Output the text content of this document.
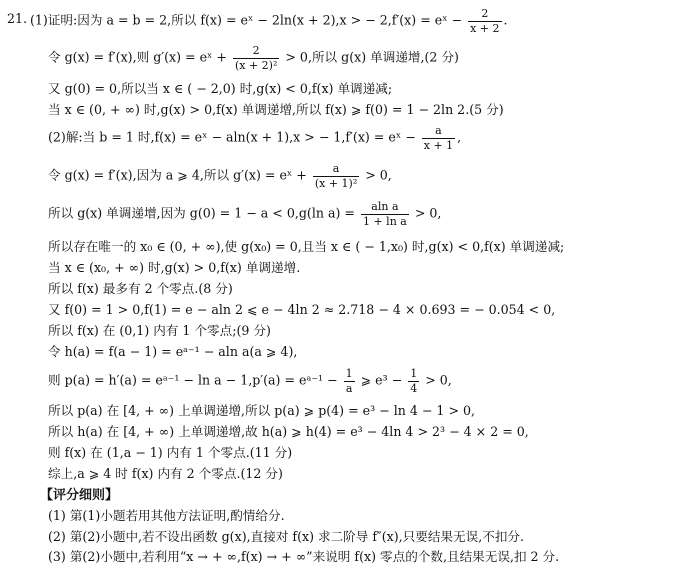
21. (1)证明:因为 a = b = 2,所以 f(x) = eˣ − 2ln(x + 2),x > − 2,f′(x) = eˣ − $\frac{2}{x + 2}$ .
令 g(x) = f′(x),则 g′(x) = eˣ + $\frac{2}{\text{(x + 2)²}} > 0$,所以 g(x) 单调递增,(2 分)
又 g(0) = 0,所以当 x ∈ ( − 2,0) 时,g(x) < 0,f(x) 单调递减;
当 x ∈ (0, + ∞) 时,g(x) > 0,f(x) 单调递增,所以 f(x) ⩾ f(0) = 1 − 2ln 2.(5 分)
(2)解:当 b = 1 时,f(x) = eˣ − aln(x + 1),x > − 1,f′(x) = eˣ − $\frac{a}{x + 1}$ ,
令 g(x) = f′(x),因为 a ⩾ 4,所以 g′(x) = eˣ + $\frac{a}{\text{(x + 1)²}} > 0$,
所以 g(x) 单调递增,因为 g(0) = 1 − a < 0,g(ln $a) = \frac{\text{aln a}}{\text{1 + ln a}} > 0$,
所以存在唯一的 x₀ ∈ (0, + ∞),使 g(x₀) = 0,且当 x ∈ ( − 1,x₀) 时,g(x) < 0,f(x) 单调递减;
当 x ∈ (x₀, + ∞) 时,g(x) > 0,f(x) 单调递增.
所以 f(x) 最多有 2 个零点.(8 分)
又 f(0) = 1 > 0,f(1) = e − aln 2 ⩽ e − 4ln 2 ≈ 2.718 − 4 × 0.693 = − 0.054 < 0,
所以 f(x) 在 (0,1) 内有 1 个零点;(9 分)
令 h(a) = f(a − 1) = eᵃ⁻¹ − aln a(a ⩾ 4),
则 p(a) = h′(a) = eᵃ⁻¹ − ln a − 1,p′(a) = eᵃ⁻¹ − $\frac{1}{a}$ ⩾ $e^3 - \frac{1}{4} > 0$,
所以 p(a) 在 [4, + ∞) 上单调递增,所以 p(a) ⩾ p(4) = e³ − ln 4 − 1 > 0,
所以 h(a) 在 [4, + ∞) 上单调递增,故 h(a) ⩾ h(4) = e³ − 4ln 4 > 2³ − 4 × 2 = 0,
则 f(x) 在 (1,a − 1) 内有 1 个零点.(11 分)
综上,a ⩾ 4 时 f(x) 内有 2 个零点.(12 分)
【评分细则】
(1) 第(1)小题若用其他方法证明,酌情给分.
(2) 第(2)小题中,若不设出函数 g(x),直接对 f(x) 求二阶导 f″(x),只要结果无误,不扣分.
(3) 第(2)小题中,若利用“x → + ∞,f(x) → + ∞”来说明 f(x) 零点的个数,且结果无误,扣 2 分.
